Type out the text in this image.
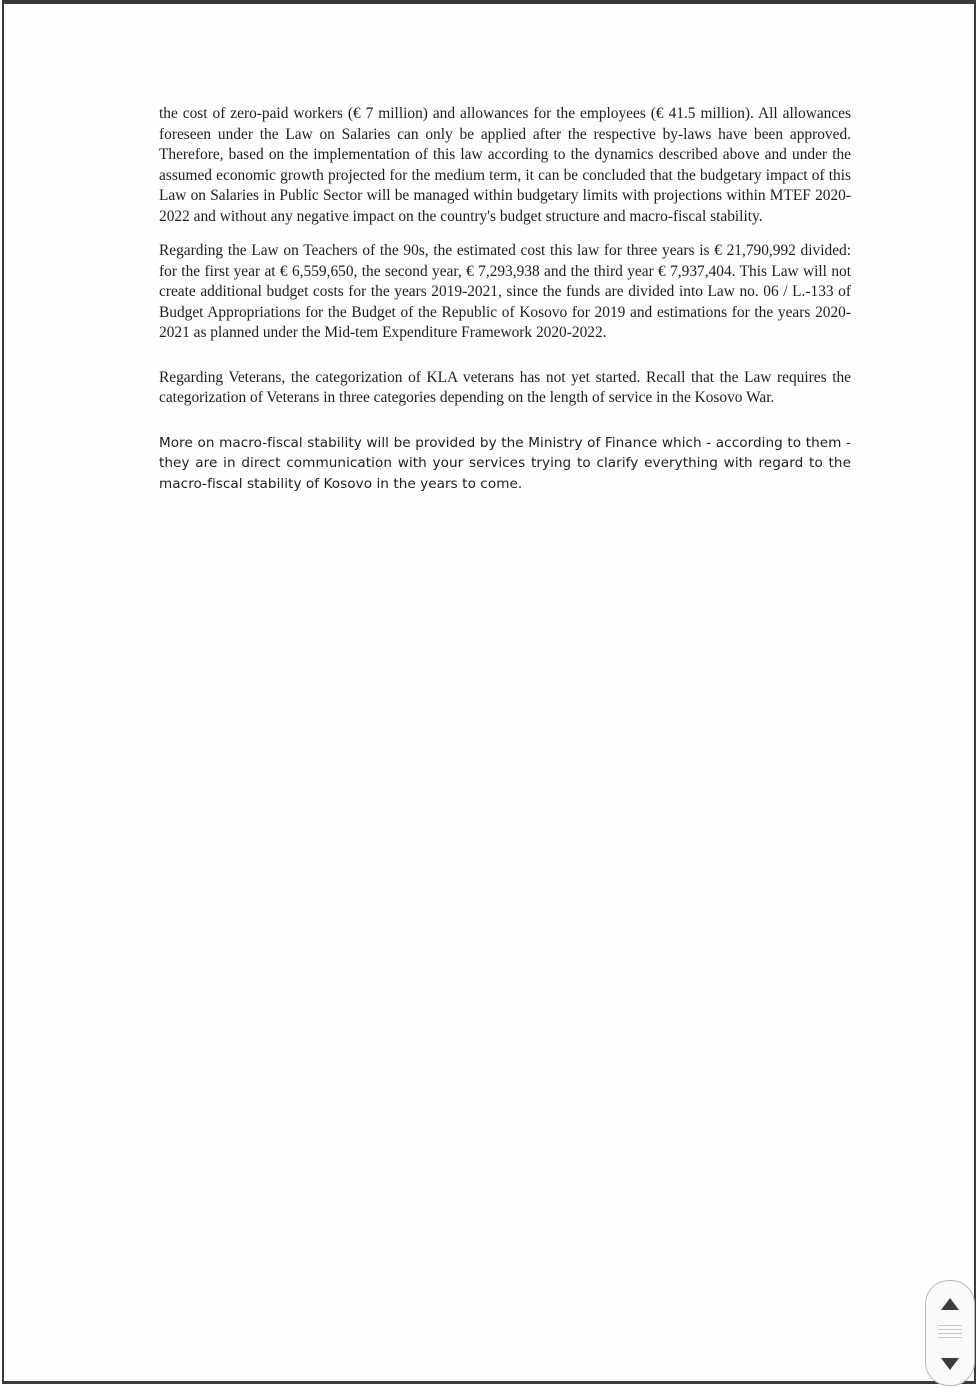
the cost of zero-paid workers (€ 7 million) and allowances for the employees (€ 41.5 million). All allowances foreseen under the Law on Salaries can only be applied after the respective by-laws have been approved. Therefore, based on the implementation of this law according to the dynamics described above and under the assumed economic growth projected for the medium term, it can be concluded that the budgetary impact of this Law on Salaries in Public Sector will be managed within budgetary limits with projections within MTEF 2020-2022 and without any negative impact on the country's budget structure and macro-fiscal stability.

Regarding the Law on Teachers of the 90s, the estimated cost this law for three years is € 21,790,992 divided: for the first year at € 6,559,650, the second year, € 7,293,938 and the third year € 7,937,404. This Law will not create additional budget costs for the years 2019-2021, since the funds are divided into Law no. 06 / L.-133 of Budget Appropriations for the Budget of the Republic of Kosovo for 2019 and estimations for the years 2020-2021 as planned under the Mid-tem Expenditure Framework 2020-2022.

Regarding Veterans, the categorization of KLA veterans has not yet started. Recall that the Law requires the categorization of Veterans in three categories depending on the length of service in the Kosovo War.

More on macro-fiscal stability will be provided by the Ministry of Finance which - according to them - they are in direct communication with your services trying to clarify everything with regard to the macro-fiscal stability of Kosovo in the years to come.
